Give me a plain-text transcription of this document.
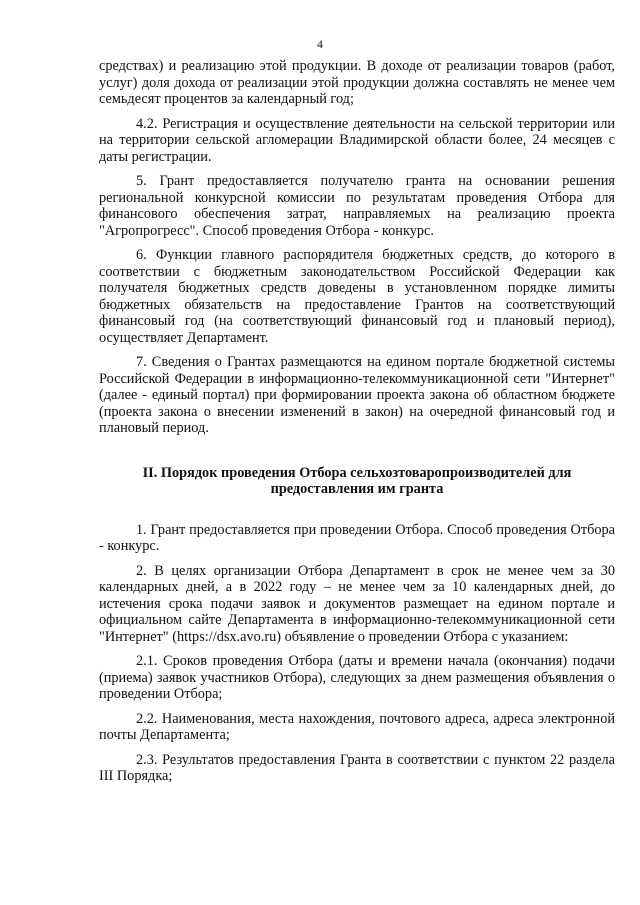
4

средствах) и реализацию этой продукции. В доходе от реализации товаров (работ, услуг) доля дохода от реализации этой продукции должна составлять не менее чем семьдесят процентов за календарный год;

4.2. Регистрация и осуществление деятельности на сельской территории или на территории сельской агломерации Владимирской области более, 24 месяцев с даты регистрации.

5. Грант предоставляется получателю гранта на основании решения региональной конкурсной комиссии по результатам проведения Отбора для финансового обеспечения затрат, направляемых на реализацию проекта "Агропрогресс". Способ проведения Отбора - конкурс.

6. Функции главного распорядителя бюджетных средств, до которого в соответствии с бюджетным законодательством Российской Федерации как получателя бюджетных средств доведены в установленном порядке лимиты бюджетных обязательств на предоставление Грантов на соответствующий финансовый год (на соответствующий финансовый год и плановый период), осуществляет Департамент.

7. Сведения о Грантах размещаются на едином портале бюджетной системы Российской Федерации в информационно-телекоммуникационной сети "Интернет" (далее - единый портал) при формировании проекта закона об областном бюджете (проекта закона о внесении изменений в закон) на очередной финансовый год и плановый период.

II. Порядок проведения Отбора сельхозтоваропроизводителей для предоставления им гранта

1. Грант предоставляется при проведении Отбора. Способ проведения Отбора - конкурс.

2. В целях организации Отбора Департамент в срок не менее чем за 30 календарных дней, а в 2022 году – не менее чем за 10 календарных дней, до истечения срока подачи заявок и документов размещает на едином портале и официальном сайте Департамента в информационно-телекоммуникационной сети "Интернет" (https://dsx.avo.ru) объявление о проведении Отбора с указанием:

2.1. Сроков проведения Отбора (даты и времени начала (окончания) подачи (приема) заявок участников Отбора), следующих за днем размещения объявления о проведении Отбора;

2.2. Наименования, места нахождения, почтового адреса, адреса электронной почты Департамента;

2.3. Результатов предоставления Гранта в соответствии с пунктом 22 раздела III Порядка;
